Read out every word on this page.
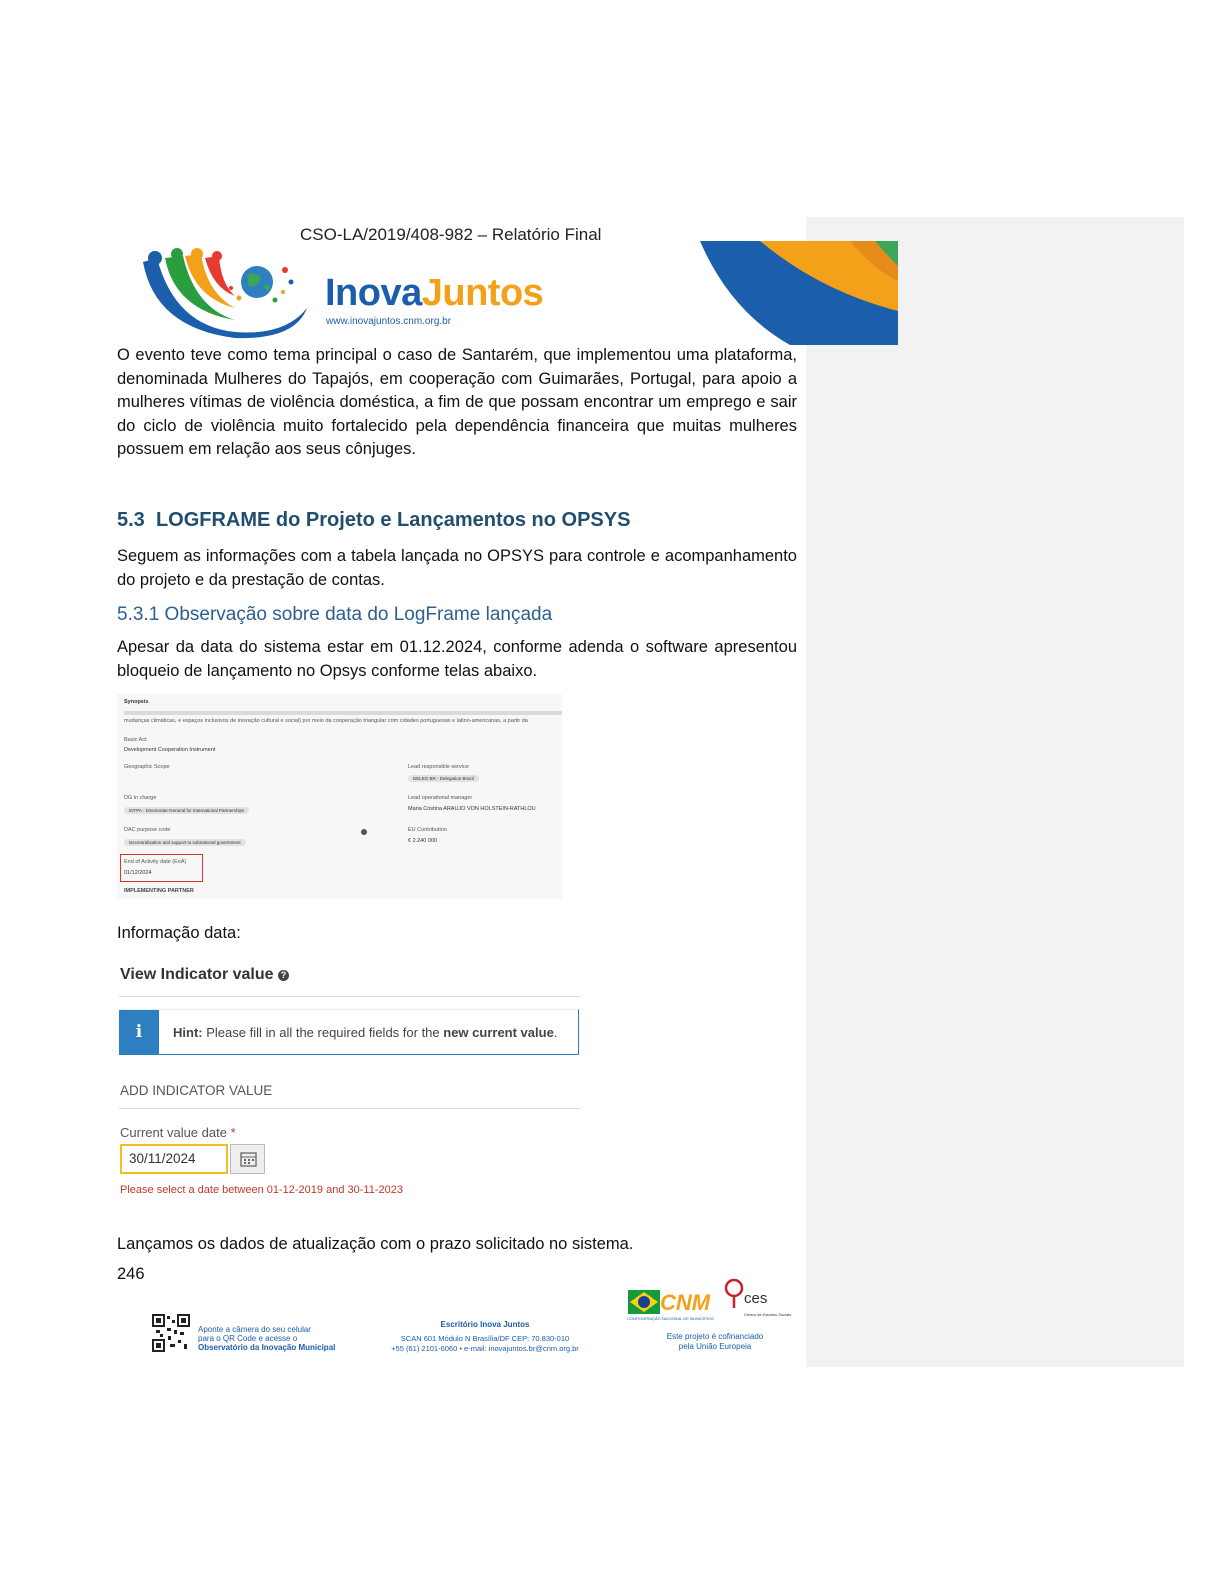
CSO-LA/2019/408-982 – Relatório Final
InovaJuntos
www.inovajuntos.cnm.org.br
O evento teve como tema principal o caso de Santarém, que implementou uma plataforma, denominada Mulheres do Tapajós, em cooperação com Guimarães, Portugal, para apoio a mulheres vítimas de violência doméstica, a fim de que possam encontrar um emprego e sair do ciclo de violência muito fortalecido pela dependência financeira que muitas mulheres possuem em relação aos seus cônjuges.
5.3 LOGFRAME do Projeto e Lançamentos no OPSYS
Seguem as informações com a tabela lançada no OPSYS para controle e acompanhamento do projeto e da prestação de contas.
5.3.1 Observação sobre data do LogFrame lançada
Apesar da data do sistema estar em 01.12.2024, conforme adenda o software apresentou bloqueio de lançamento no Opsys conforme telas abaixo.
Synopsis
mudanças climáticas, e espaços inclusivos de inovação cultural e social) por meio da cooperação triangular com cidades portuguesas e latino-americanas, a partir da
Basic Act
Development Cooperation Instrument
Geographic Scope	Lead responsible service
DELEG BR - Delegation Brazil
DG in charge
INTPA - Directorate-General for International Partnerships
Lead operational manager
Maria Cristina ARAUJO VON HOLSTEIN-RATHLOU
DAC purpose code
Decentralisation and support to subnational government
EU Contribution
€ 2.240 000
End of Activity date (EoA)
01/12/2024
IMPLEMENTING PARTNER
Informação data:
View Indicator value ?
i	Hint: Please fill in all the required fields for the new current value.
ADD INDICATOR VALUE
Current value date *
30/11/2024
Please select a date between 01-12-2019 and 30-11-2023
Lançamos os dados de atualização com o prazo solicitado no sistema.
246
Aponte a câmera do seu celular
para o QR Code e acesse o
Observatório da Inovação Municipal
Escritório Inova Juntos
SCAN 601 Módulo N Brasília/DF CEP: 70.830-010
+55 (61) 2101-6060 • e-mail: inovajuntos.br@cnm.org.br
CNM
CONFEDERAÇÃO NACIONAL DE MUNICÍPIOS
ces
Centro de Estudos Sociais
Este projeto é cofinanciado
pela União Europeia
